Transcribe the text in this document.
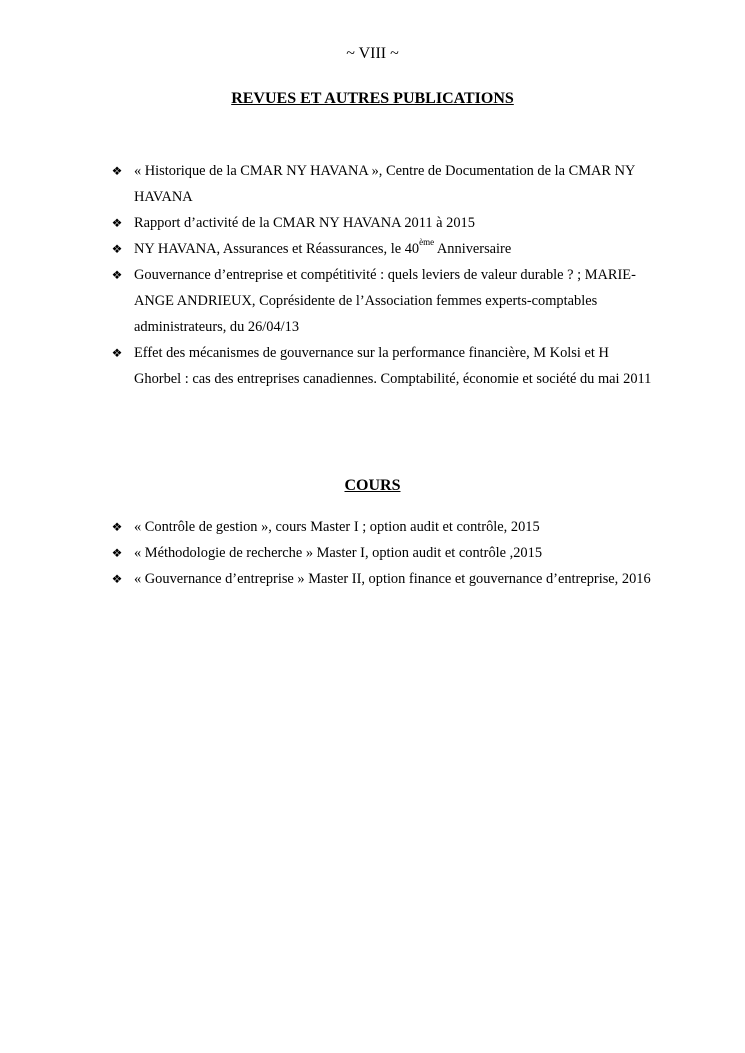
~ VIII ~
REVUES ET AUTRES PUBLICATIONS
❖ « Historique de la CMAR NY HAVANA », Centre de Documentation de la CMAR NY HAVANA
❖ Rapport d’activité de la CMAR NY HAVANA 2011 à 2015
❖ NY HAVANA, Assurances et Réassurances, le 40ème Anniversaire
❖ Gouvernance d’entreprise et compétitivité : quels leviers de valeur durable ? ; MARIE-ANGE ANDRIEUX, Coprésidente de l’Association femmes experts-comptables administrateurs, du 26/04/13
❖ Effet des mécanismes de gouvernance sur la performance financière, M Kolsi et H Ghorbel : cas des entreprises canadiennes. Comptabilité, économie et société du mai 2011
COURS
❖ « Contrôle de gestion », cours Master I ; option audit et contrôle, 2015
❖ « Méthodologie de recherche » Master I, option audit et contrôle ,2015
❖ « Gouvernance d’entreprise » Master II, option finance et gouvernance d’entreprise, 2016
